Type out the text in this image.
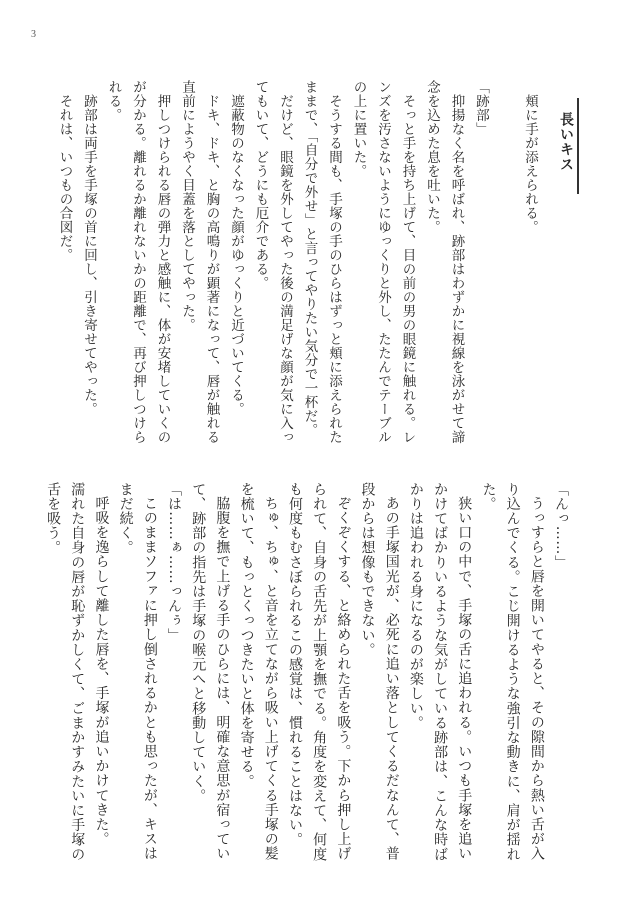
3
長いキス
頬に手が添えられる。
「跡部」
抑揚なく名を呼ばれ、跡部はわずかに視線を泳がせて諦
念を込めた息を吐いた。
そっと手を持ち上げて、目の前の男の眼鏡に触れる。レ
ンズを汚さないようにゆっくりと外し、たたんでテーブル
の上に置いた。
そうする間も、手塚の手のひらはずっと頬に添えられた
ままで、「自分で外せ」と言ってやりたい気分で一杯だ。
だけど、眼鏡を外してやった後の満足げな顔が気に入っ
てもいて、どうにも厄介である。
遮蔽物のなくなった顔がゆっくりと近づいてくる。
ドキ、ドキ、と胸の高鳴りが顕著になって、唇が触れる
直前にようやく目蓋を落としてやった。
押しつけられる唇の弾力と感触に、体が安堵していくの
が分かる。離れるか離れないかの距離で、再び押しつけら
れる。
跡部は両手を手塚の首に回し、引き寄せてやった。
それは、いつもの合図だ。
「んっ……」
うっすらと唇を開いてやると、その隙間から熱い舌が入
り込んでくる。こじ開けるような強引な動きに、肩が揺れ
た。
狭い口の中で、手塚の舌に追われる。いつも手塚を追い
かけてばかりいるような気がしている跡部は、こんな時ば
かりは追われる身になるのが楽しい。
あの手塚国光が、必死に追い落としてくるだなんて、普
段からは想像もできない。
ぞくぞくする、と絡められた舌を吸う。下から押し上げ
られて、自身の舌先が上顎を撫でる。角度を変えて、何度
も何度もむさぼられるこの感覚は、慣れることはない。
ちゅ、ちゅ、と音を立てながら吸い上げてくる手塚の髪
を梳いて、もっとくっつきたいと体を寄せる。
脇腹を撫で上げる手のひらには、明確な意思が宿ってい
て、跡部の指先は手塚の喉元へと移動していく。
「は……ぁ……っんぅ」
このままソファに押し倒されるかとも思ったが、キスは
まだ続く。
呼吸を逸らして離した唇を、手塚が追いかけてきた。
濡れた自身の唇が恥ずかしくて、ごまかすみたいに手塚の
舌を吸う。
